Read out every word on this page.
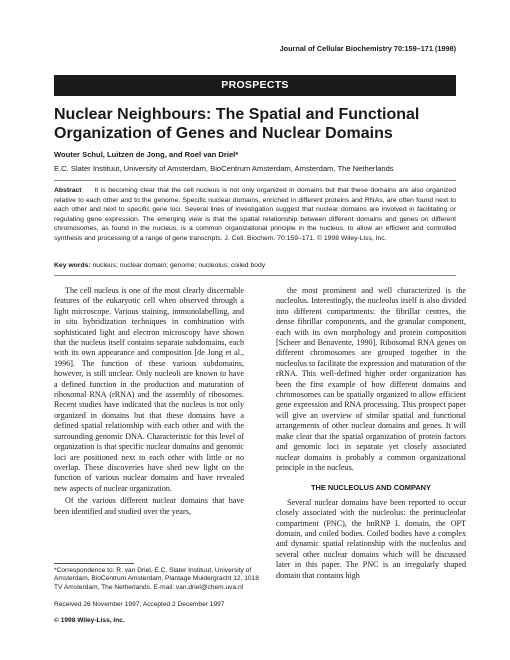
Journal of Cellular Biochemistry 70:159–171 (1998)
PROSPECTS
Nuclear Neighbours: The Spatial and Functional Organization of Genes and Nuclear Domains
Wouter Schul, Luitzen de Jong, and Roel van Driel*
E.C. Slater Instituut, University of Amsterdam, BioCentrum Amsterdam, Amsterdam, The Netherlands
Abstract It is becoming clear that the cell nucleus is not only organized in domains but that these domains are also organized relative to each other and to the genome. Specific nuclear domains, enriched in different proteins and RNAs, are often found next to each other and next to specific gene loci. Several lines of investigation suggest that nuclear domains are involved in facilitating or regulating gene expression. The emerging view is that the spatial relationship between different domains and genes on different chromosomes, as found in the nucleus, is a common organizational principle in the nucleus, to allow an efficient and controlled synthesis and processing of a range of gene transcripts. J. Cell. Biochem. 70:159–171. © 1998 Wiley-Liss, Inc.
Key words: nucleus; nuclear domain; genome; nucleolus; coiled body

The cell nucleus is one of the most clearly discernable features of the eukaryotic cell when observed through a light microscope. Various staining, immunolabelling, and in situ hybridization techniques in combination with sophisticated light and electron microscopy have shown that the nucleus itself contains separate subdomains, each with its own appearance and composition [de Jong et al., 1996]. The function of these various subdomains, however, is still unclear. Only nucleoli are known to have a defined function in the production and maturation of ribosomal RNA (rRNA) and the assembly of ribosomes. Recent studies have indicated that the nucleus is not only organized in domains but that these domains have a defined spatial relationship with each other and with the surrounding genomic DNA. Characteristic for this level of organization is that specific nuclear domains and genomic loci are positioned next to each other with little or no overlap. These discoveries have shed new light on the function of various nuclear domains and have revealed new aspects of nuclear organization.

Of the various different nuclear domains that have been identified and studied over the years,

the most prominent and well characterized is the nucleolus. Interestingly, the nucleolus itself is also divided into different compartments: the fibrillar centres, the dense fibrillar components, and the granular component, each with its own morphology and protein composition [Scheer and Benavente, 1990]. Ribosomal RNA genes on different chromosomes are grouped together in the nucleolus to facilitate the expression and maturation of the rRNA. This well-defined higher order organization has been the first example of how different domains and chromosomes can be spatially organized to allow efficient gene expression and RNA processing. This prospect paper will give an overview of similar spatial and functional arrangements of other nuclear domains and genes. It will make clear that the spatial organization of protein factors and genomic loci in separate yet closely associated nuclear domains is probably a common organizational principle in the nucleus.

THE NUCLEOLUS AND COMPANY

Several nuclear domains have been reported to occur closely associated with the nucleolus: the perinucleolar compartment (PNC), the hnRNP L domain, the OPT domain, and coiled bodies. Coiled bodies have a complex and dynamic spatial relationship with the nucleolus and several other nuclear domains which will be discussed later in this paper. The PNC is an irregularly shaped domain that contains high

*Correspondence to: R. van Driel, E.C. Slater Instituut, University of Amsterdam, BioCentrum Amsterdam, Plantage Muidergracht 12, 1018 TV Amsterdam, The Netherlands. E-mail: van.driel@chem.uva.nl
Received 26 November 1997; Accepted 2 December 1997
© 1998 Wiley-Liss, Inc.
